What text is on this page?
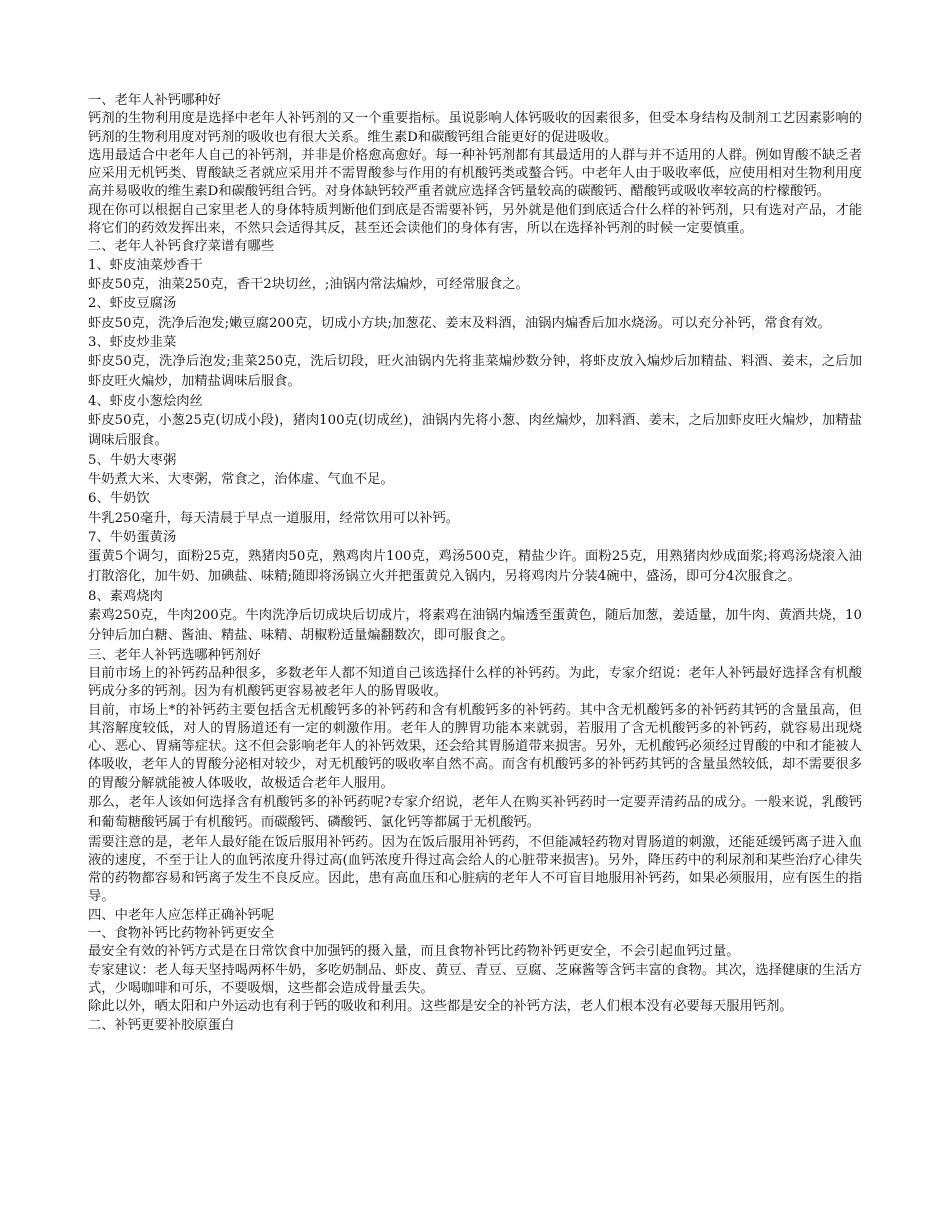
一、老年人补钙哪种好

钙剂的生物利用度是选择中老年人补钙剂的又一个重要指标。虽说影响人体钙吸收的因素很多，但受本身结构及制剂工艺因素影响的钙剂的生物利用度对钙剂的吸收也有很大关系。维生素D和碳酸钙组合能更好的促进吸收。

选用最适合中老年人自己的补钙剂，并非是价格愈高愈好。每一种补钙剂都有其最适用的人群与并不适用的人群。例如胃酸不缺乏者应采用无机钙类、胃酸缺乏者就应采用并不需胃酸参与作用的有机酸钙类或螯合钙。中老年人由于吸收率低，应使用相对生物利用度高并易吸收的维生素D和碳酸钙组合钙。对身体缺钙较严重者就应选择含钙量较高的碳酸钙、醋酸钙或吸收率较高的柠檬酸钙。

现在你可以根据自己家里老人的身体特质判断他们到底是否需要补钙，另外就是他们到底适合什么样的补钙剂，只有选对产品，才能将它们的药效发挥出来，不然只会适得其反，甚至还会读他们的身体有害，所以在选择补钙剂的时候一定要慎重。

二、老年人补钙食疗菜谱有哪些

1、虾皮油菜炒香干

虾皮50克，油菜250克，香干2块切丝，;油锅内常法煸炒，可经常服食之。

2、虾皮豆腐汤

虾皮50克，洗净后泡发;嫩豆腐200克，切成小方块;加葱花、姜末及料酒，油锅内煸香后加水烧汤。可以充分补钙，常食有效。

3、虾皮炒韭菜

虾皮50克，洗净后泡发;韭菜250克，洗后切段，旺火油锅内先将韭菜煸炒数分钟，将虾皮放入煸炒后加精盐、料酒、姜末，之后加虾皮旺火煸炒，加精盐调味后服食。

4、虾皮小葱烩肉丝

虾皮50克，小葱25克(切成小段)，猪肉100克(切成丝)，油锅内先将小葱、肉丝煸炒，加料酒、姜末，之后加虾皮旺火煸炒，加精盐调味后服食。

5、牛奶大枣粥

牛奶煮大米、大枣粥，常食之，治体虚、气血不足。

6、牛奶饮

牛乳250毫升，每天清晨于早点一道服用，经常饮用可以补钙。

7、牛奶蛋黄汤

蛋黄5个调匀，面粉25克，熟猪肉50克，熟鸡肉片100克，鸡汤500克，精盐少许。面粉25克，用熟猪肉炒成面浆;将鸡汤烧滚入油打散溶化，加牛奶、加碘盐、味精;随即将汤锅立火并把蛋黄兑入锅内，另将鸡肉片分装4碗中，盛汤，即可分4次服食之。

8、素鸡烧肉

素鸡250克，牛肉200克。牛肉洗净后切成块后切成片，将素鸡在油锅内煸透至蛋黄色，随后加葱，姜适量，加牛肉、黄酒共烧，10分钟后加白糖、酱油、精盐、味精、胡椒粉适量煸翻数次，即可服食之。

三、老年人补钙选哪种钙剂好

目前市场上的补钙药品种很多，多数老年人都不知道自己该选择什么样的补钙药。为此，专家介绍说：老年人补钙最好选择含有机酸钙成分多的钙剂。因为有机酸钙更容易被老年人的肠胃吸收。

目前，市场上*的补钙药主要包括含无机酸钙多的补钙药和含有机酸钙多的补钙药。其中含无机酸钙多的补钙药其钙的含量虽高，但其溶解度较低，对人的胃肠道还有一定的刺激作用。老年人的脾胃功能本来就弱，若服用了含无机酸钙多的补钙药，就容易出现烧心、恶心、胃痛等症状。这不但会影响老年人的补钙效果，还会给其胃肠道带来损害。另外，无机酸钙必须经过胃酸的中和才能被人体吸收，老年人的胃酸分泌相对较少，对无机酸钙的吸收率自然不高。而含有机酸钙多的补钙药其钙的含量虽然较低，却不需要很多的胃酸分解就能被人体吸收，故极适合老年人服用。

那么，老年人该如何选择含有机酸钙多的补钙药呢?专家介绍说，老年人在购买补钙药时一定要弄清药品的成分。一般来说，乳酸钙和葡萄糖酸钙属于有机酸钙。而碳酸钙、磷酸钙、氯化钙等都属于无机酸钙。

需要注意的是，老年人最好能在饭后服用补钙药。因为在饭后服用补钙药，不但能减轻药物对胃肠道的刺激，还能延缓钙离子进入血液的速度，不至于让人的血钙浓度升得过高(血钙浓度升得过高会给人的心脏带来损害)。另外，降压药中的利尿剂和某些治疗心律失常的药物都容易和钙离子发生不良反应。因此，患有高血压和心脏病的老年人不可盲目地服用补钙药，如果必须服用，应有医生的指导。

四、中老年人应怎样正确补钙呢

一、食物补钙比药物补钙更安全

最安全有效的补钙方式是在日常饮食中加强钙的摄入量，而且食物补钙比药物补钙更安全，不会引起血钙过量。

专家建议：老人每天坚持喝两杯牛奶，多吃奶制品、虾皮、黄豆、青豆、豆腐、芝麻酱等含钙丰富的食物。其次，选择健康的生活方式，少喝咖啡和可乐，不要吸烟，这些都会造成骨量丢失。

除此以外，晒太阳和户外运动也有利于钙的吸收和利用。这些都是安全的补钙方法，老人们根本没有必要每天服用钙剂。

二、补钙更要补胶原蛋白
